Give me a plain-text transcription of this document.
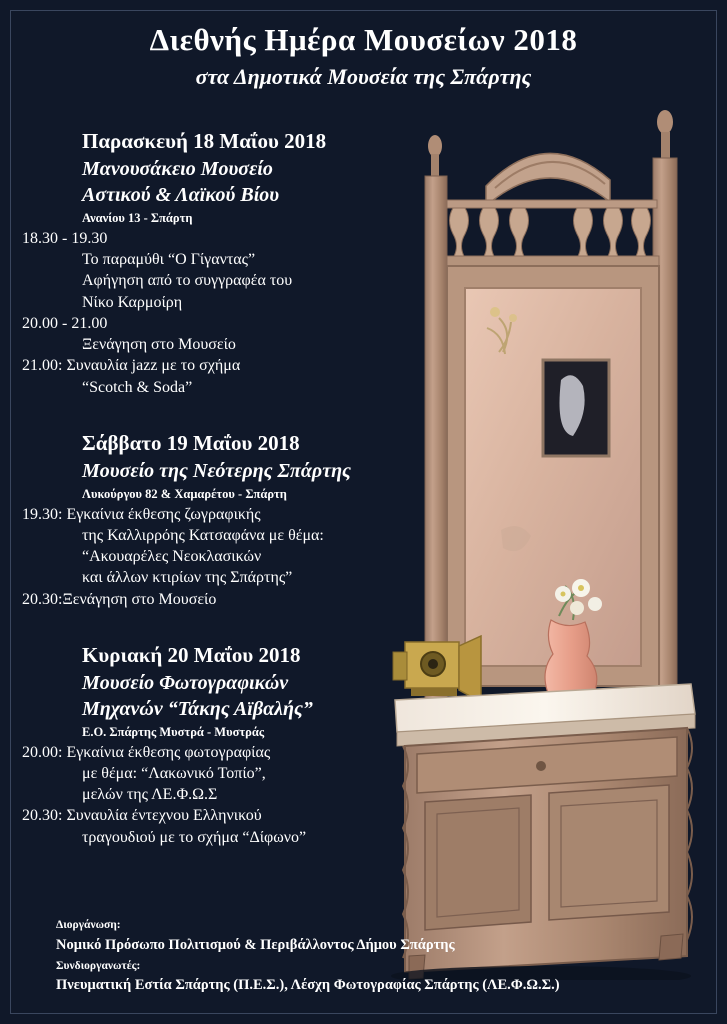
Διεθνής Ημέρα Μουσείων 2018
στα Δημοτικά Μουσεία της Σπάρτης
Παρασκευή 18 Μαΐου 2018
Μανουσάκειο Μουσείο
Αστικού & Λαϊκού Βίου
Ανανίου 13 - Σπάρτη
18.30 - 19.30
Το παραμύθι “Ο Γίγαντας”
Αφήγηση από το συγγραφέα του
Νίκο Καρμοίρη
20.00 - 21.00
Ξενάγηση στο Μουσείο
21.00: Συναυλία jazz με το σχήμα
“Scotch & Soda”
Σάββατο 19 Μαΐου 2018
Μουσείο της Νεότερης Σπάρτης
Λυκούργου 82 & Χαμαρέτου - Σπάρτη
19.30: Εγκαίνια έκθεσης ζωγραφικής
της Καλλιρρόης Κατσαφάνα με θέμα:
“Ακουαρέλες Νεοκλασικών
και άλλων κτιρίων της Σπάρτης”
20.30:Ξενάγηση στο Μουσείο
Κυριακή 20 Μαΐου 2018
Μουσείο Φωτογραφικών
Μηχανών “Τάκης Αϊβαλής”
Ε.Ο. Σπάρτης Μυστρά - Μυστράς
20.00: Εγκαίνια έκθεσης φωτογραφίας
με θέμα: “Λακωνικό Τοπίο”,
μελών της ΛΕ.Φ.Ω.Σ
20.30: Συναυλία έντεχνου Ελληνικού
τραγουδιού με το σχήμα “Δίφωνο”
Διοργάνωση:
Νομικό Πρόσωπο Πολιτισμού & Περιβάλλοντος Δήμου Σπάρτης
Συνδιοργανωτές:
Πνευματική Εστία Σπάρτης (Π.Ε.Σ.), Λέσχη Φωτογραφίας Σπάρτης (ΛΕ.Φ.Ω.Σ.)
